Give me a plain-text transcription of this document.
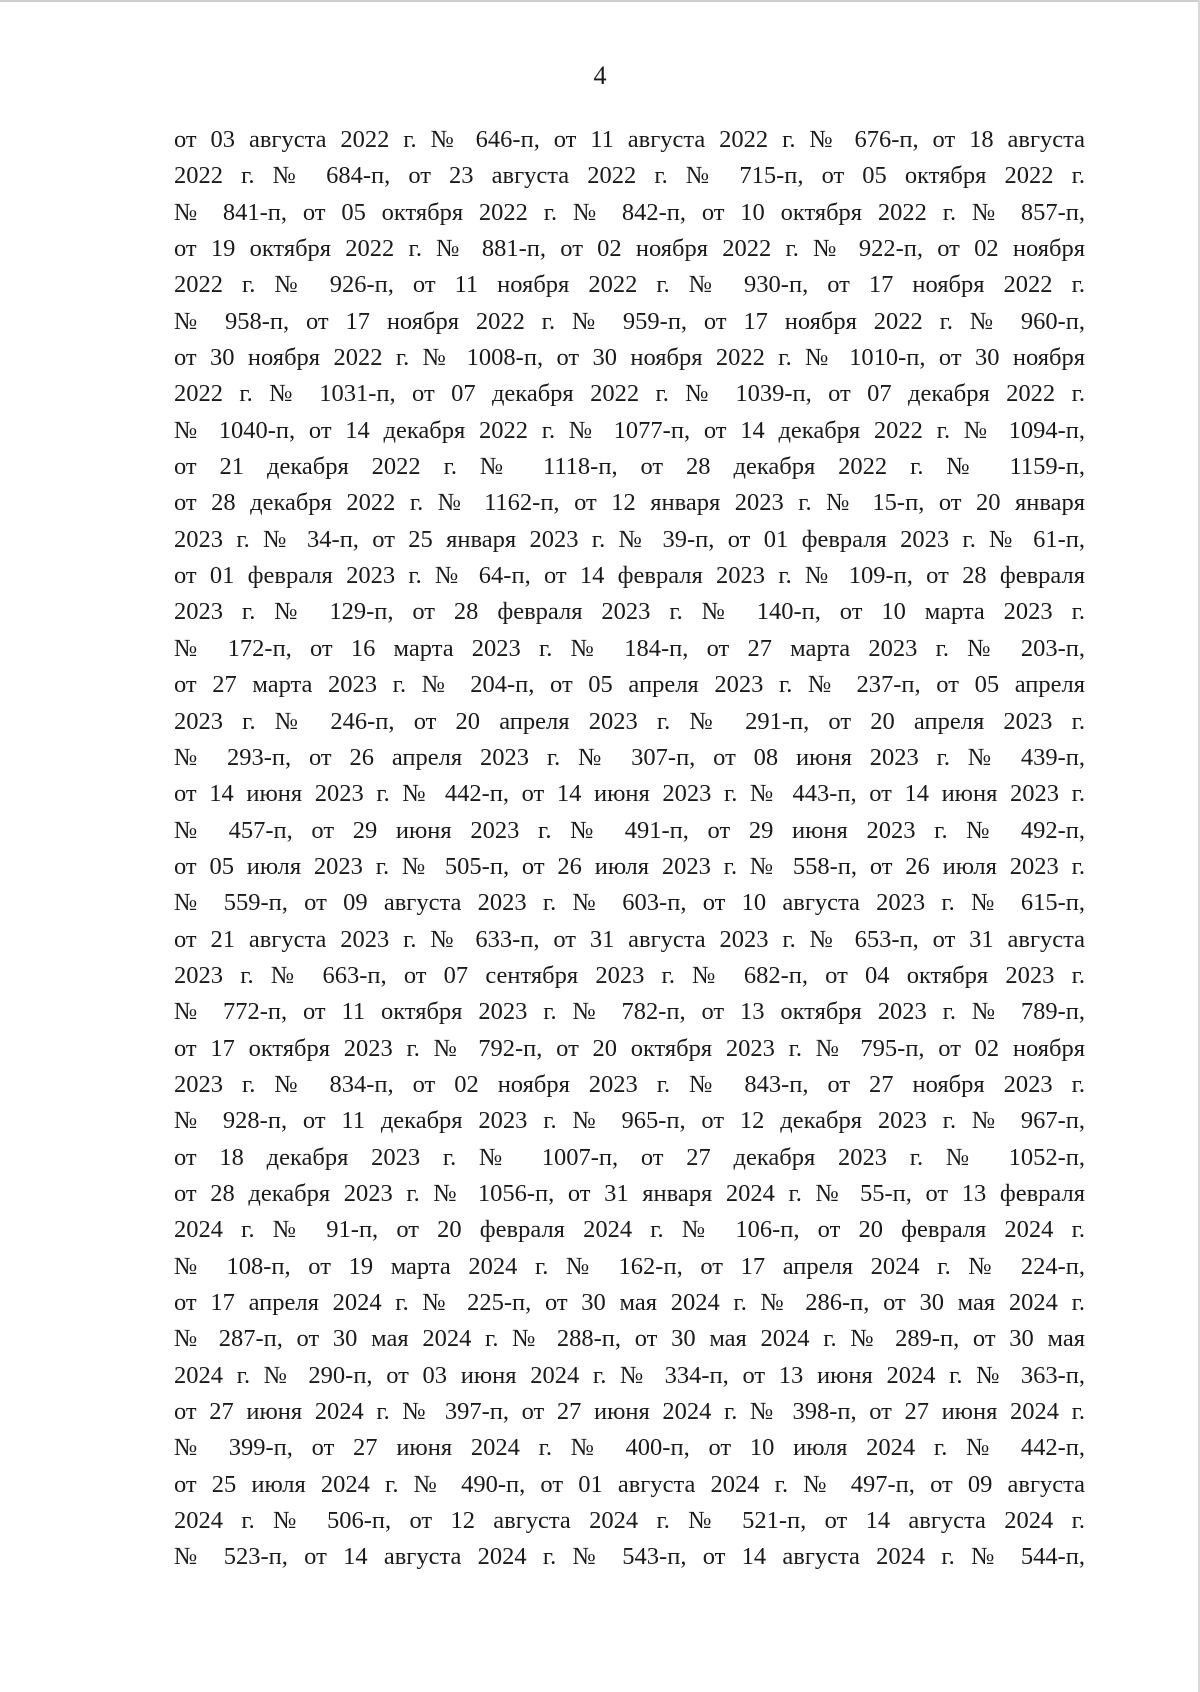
4
от 03 августа 2022 г. № 646-п, от 11 августа 2022 г. № 676-п, от 18 августа
2022 г. № 684-п, от 23 августа 2022 г. № 715-п, от 05 октября 2022 г.
№ 841-п, от 05 октября 2022 г. № 842-п, от 10 октября 2022 г. № 857-п,
от 19 октября 2022 г. № 881-п, от 02 ноября 2022 г. № 922-п, от 02 ноября
2022 г. № 926-п, от 11 ноября 2022 г. № 930-п, от 17 ноября 2022 г.
№ 958-п, от 17 ноября 2022 г. № 959-п, от 17 ноября 2022 г. № 960-п,
от 30 ноября 2022 г. № 1008-п, от 30 ноября 2022 г. № 1010-п, от 30 ноября
2022 г. № 1031-п, от 07 декабря 2022 г. № 1039-п, от 07 декабря 2022 г.
№ 1040-п, от 14 декабря 2022 г. № 1077-п, от 14 декабря 2022 г. № 1094-п,
от 21 декабря 2022 г. № 1118-п, от 28 декабря 2022 г. № 1159-п,
от 28 декабря 2022 г. № 1162-п, от 12 января 2023 г. № 15-п, от 20 января
2023 г. № 34-п, от 25 января 2023 г. № 39-п, от 01 февраля 2023 г. № 61-п,
от 01 февраля 2023 г. № 64-п, от 14 февраля 2023 г. № 109-п, от 28 февраля
2023 г. № 129-п, от 28 февраля 2023 г. № 140-п, от 10 марта 2023 г.
№ 172-п, от 16 марта 2023 г. № 184-п, от 27 марта 2023 г. № 203-п,
от 27 марта 2023 г. № 204-п, от 05 апреля 2023 г. № 237-п, от 05 апреля
2023 г. № 246-п, от 20 апреля 2023 г. № 291-п, от 20 апреля 2023 г.
№ 293-п, от 26 апреля 2023 г. № 307-п, от 08 июня 2023 г. № 439-п,
от 14 июня 2023 г. № 442-п, от 14 июня 2023 г. № 443-п, от 14 июня 2023 г.
№ 457-п, от 29 июня 2023 г. № 491-п, от 29 июня 2023 г. № 492-п,
от 05 июля 2023 г. № 505-п, от 26 июля 2023 г. № 558-п, от 26 июля 2023 г.
№ 559-п, от 09 августа 2023 г. № 603-п, от 10 августа 2023 г. № 615-п,
от 21 августа 2023 г. № 633-п, от 31 августа 2023 г. № 653-п, от 31 августа
2023 г. № 663-п, от 07 сентября 2023 г. № 682-п, от 04 октября 2023 г.
№ 772-п, от 11 октября 2023 г. № 782-п, от 13 октября 2023 г. № 789-п,
от 17 октября 2023 г. № 792-п, от 20 октября 2023 г. № 795-п, от 02 ноября
2023 г. № 834-п, от 02 ноября 2023 г. № 843-п, от 27 ноября 2023 г.
№ 928-п, от 11 декабря 2023 г. № 965-п, от 12 декабря 2023 г. № 967-п,
от 18 декабря 2023 г. № 1007-п, от 27 декабря 2023 г. № 1052-п,
от 28 декабря 2023 г. № 1056-п, от 31 января 2024 г. № 55-п, от 13 февраля
2024 г. № 91-п, от 20 февраля 2024 г. № 106-п, от 20 февраля 2024 г.
№ 108-п, от 19 марта 2024 г. № 162-п, от 17 апреля 2024 г. № 224-п,
от 17 апреля 2024 г. № 225-п, от 30 мая 2024 г. № 286-п, от 30 мая 2024 г.
№ 287-п, от 30 мая 2024 г. № 288-п, от 30 мая 2024 г. № 289-п, от 30 мая
2024 г. № 290-п, от 03 июня 2024 г. № 334-п, от 13 июня 2024 г. № 363-п,
от 27 июня 2024 г. № 397-п, от 27 июня 2024 г. № 398-п, от 27 июня 2024 г.
№ 399-п, от 27 июня 2024 г. № 400-п, от 10 июля 2024 г. № 442-п,
от 25 июля 2024 г. № 490-п, от 01 августа 2024 г. № 497-п, от 09 августа
2024 г. № 506-п, от 12 августа 2024 г. № 521-п, от 14 августа 2024 г.
№ 523-п, от 14 августа 2024 г. № 543-п, от 14 августа 2024 г. № 544-п,
